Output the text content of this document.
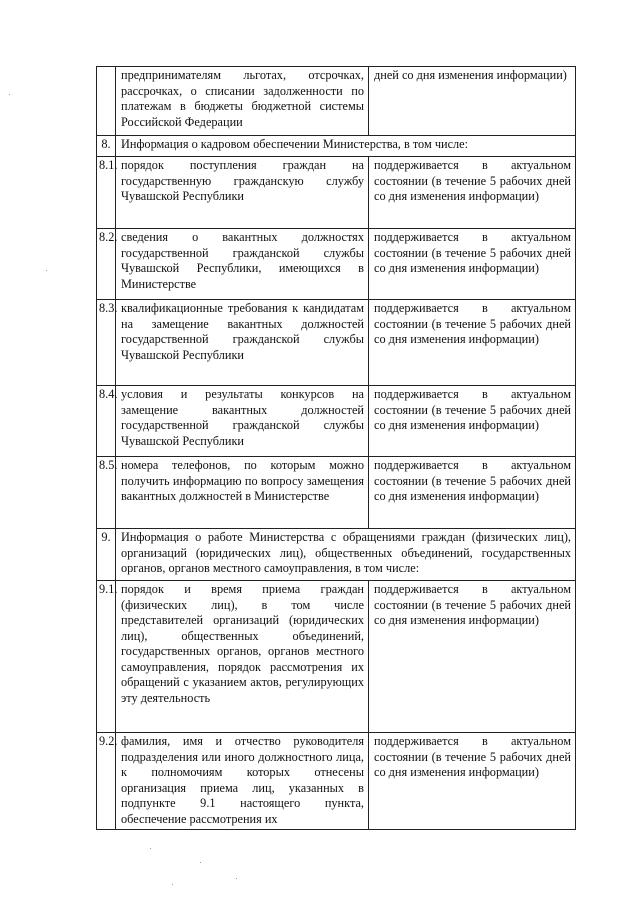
	предпринимателям льготах, отсрочках, рассрочках, о списании задолженности по платежам в бюджеты бюджетной системы Российской Федерации	дней со дня изменения информации)
8.	Информация о кадровом обеспечении Министерства, в том числе:	
8.1.	порядок поступления граждан на государственную гражданскую службу Чувашской Республики	поддерживается в актуальном состоянии (в течение 5 рабочих дней со дня изменения информации)
8.2.	сведения о вакантных должностях государственной гражданской службы Чувашской Республики, имеющихся в Министерстве	поддерживается в актуальном состоянии (в течение 5 рабочих дней со дня изменения информации)
8.3.	квалификационные требования к кандидатам на замещение вакантных должностей государственной гражданской службы Чувашской Республики	поддерживается в актуальном состоянии (в течение 5 рабочих дней со дня изменения информации)
8.4.	условия и результаты конкурсов на замещение вакантных должностей государственной гражданской службы Чувашской Республики	поддерживается в актуальном состоянии (в течение 5 рабочих дней со дня изменения информации)
8.5.	номера телефонов, по которым можно получить информацию по вопросу замещения вакантных должностей в Министерстве	поддерживается в актуальном состоянии (в течение 5 рабочих дней со дня изменения информации)
9.	Информация о работе Министерства с обращениями граждан (физических лиц), организаций (юридических лиц), общественных объединений, государственных органов, органов местного самоуправления, в том числе:	
9.1.	порядок и время приема граждан (физических лиц), в том числе представителей организаций (юридических лиц), общественных объединений, государственных органов, органов местного самоуправления, порядок рассмотрения их обращений с указанием актов, регулирующих эту деятельность	поддерживается в актуальном состоянии (в течение 5 рабочих дней со дня изменения информации)
9.2.	фамилия, имя и отчество руководителя подразделения или иного должностного лица, к полномочиям которых отнесены организация приема лиц, указанных в подпункте 9.1 настоящего пункта, обеспечение рассмотрения их	поддерживается в актуальном состоянии (в течение 5 рабочих дней со дня изменения информации)
